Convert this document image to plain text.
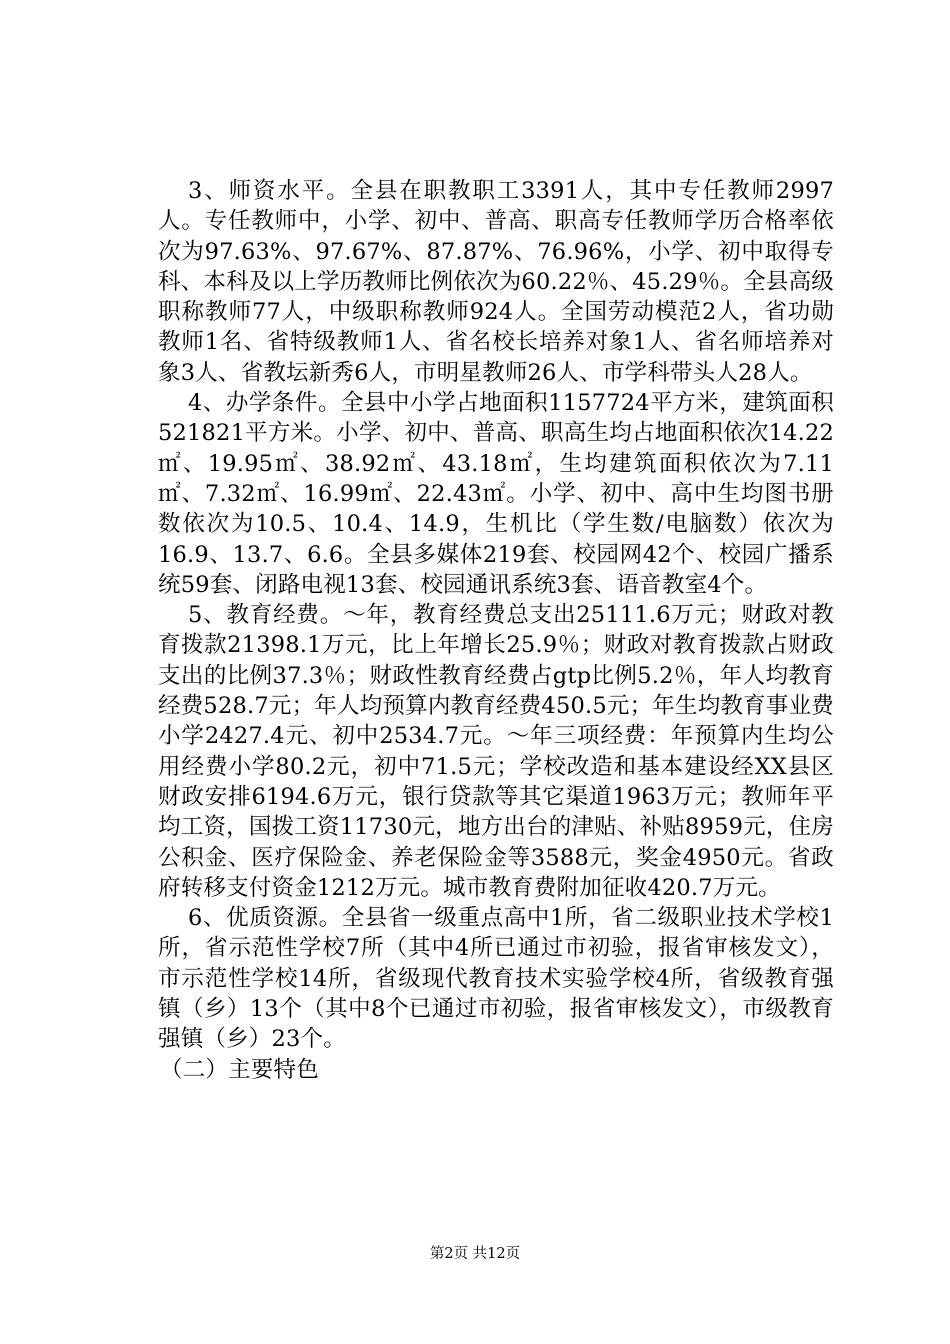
3、师资水平。全县在职教职工3391人，其中专任教师2997人。专任教师中，小学、初中、普高、职高专任教师学历合格率依次为97.63%、97.67%、87.87%、76.96%，小学、初中取得专科、本科及以上学历教师比例依次为60.22％、45.29％。全县高级职称教师77人，中级职称教师924人。全国劳动模范2人，省功勋教师1名、省特级教师1人、省名校长培养对象1人、省名师培养对象3人、省教坛新秀6人，市明星教师26人、市学科带头人28人。

4、办学条件。全县中小学占地面积1157724平方米，建筑面积521821平方米。小学、初中、普高、职高生均占地面积依次14.22㎡、19.95㎡、38.92㎡、43.18㎡，生均建筑面积依次为7.11㎡、7.32㎡、16.99㎡、22.43㎡。小学、初中、高中生均图书册数依次为10.5、10.4、14.9，生机比（学生数/电脑数）依次为16.9、13.7、6.6。全县多媒体219套、校园网42个、校园广播系统59套、闭路电视13套、校园通讯系统3套、语音教室4个。

5、教育经费。～年，教育经费总支出25111.6万元；财政对教育拨款21398.1万元，比上年增长25.9％；财政对教育拨款占财政支出的比例37.3％；财政性教育经费占gtp比例5.2％，年人均教育经费528.7元；年人均预算内教育经费450.5元；年生均教育事业费小学2427.4元、初中2534.7元。～年三项经费：年预算内生均公用经费小学80.2元，初中71.5元；学校改造和基本建设经XX县区财政安排6194.6万元，银行贷款等其它渠道1963万元；教师年平均工资，国拨工资11730元，地方出台的津贴、补贴8959元，住房公积金、医疗保险金、养老保险金等3588元，奖金4950元。省政府转移支付资金1212万元。城市教育费附加征收420.7万元。

6、优质资源。全县省一级重点高中1所，省二级职业技术学校1所，省示范性学校7所（其中4所已通过市初验，报省审核发文），市示范性学校14所，省级现代教育技术实验学校4所，省级教育强镇（乡）13个（其中8个已通过市初验，报省审核发文），市级教育强镇（乡）23个。

（二）主要特色

第2页 共12页
